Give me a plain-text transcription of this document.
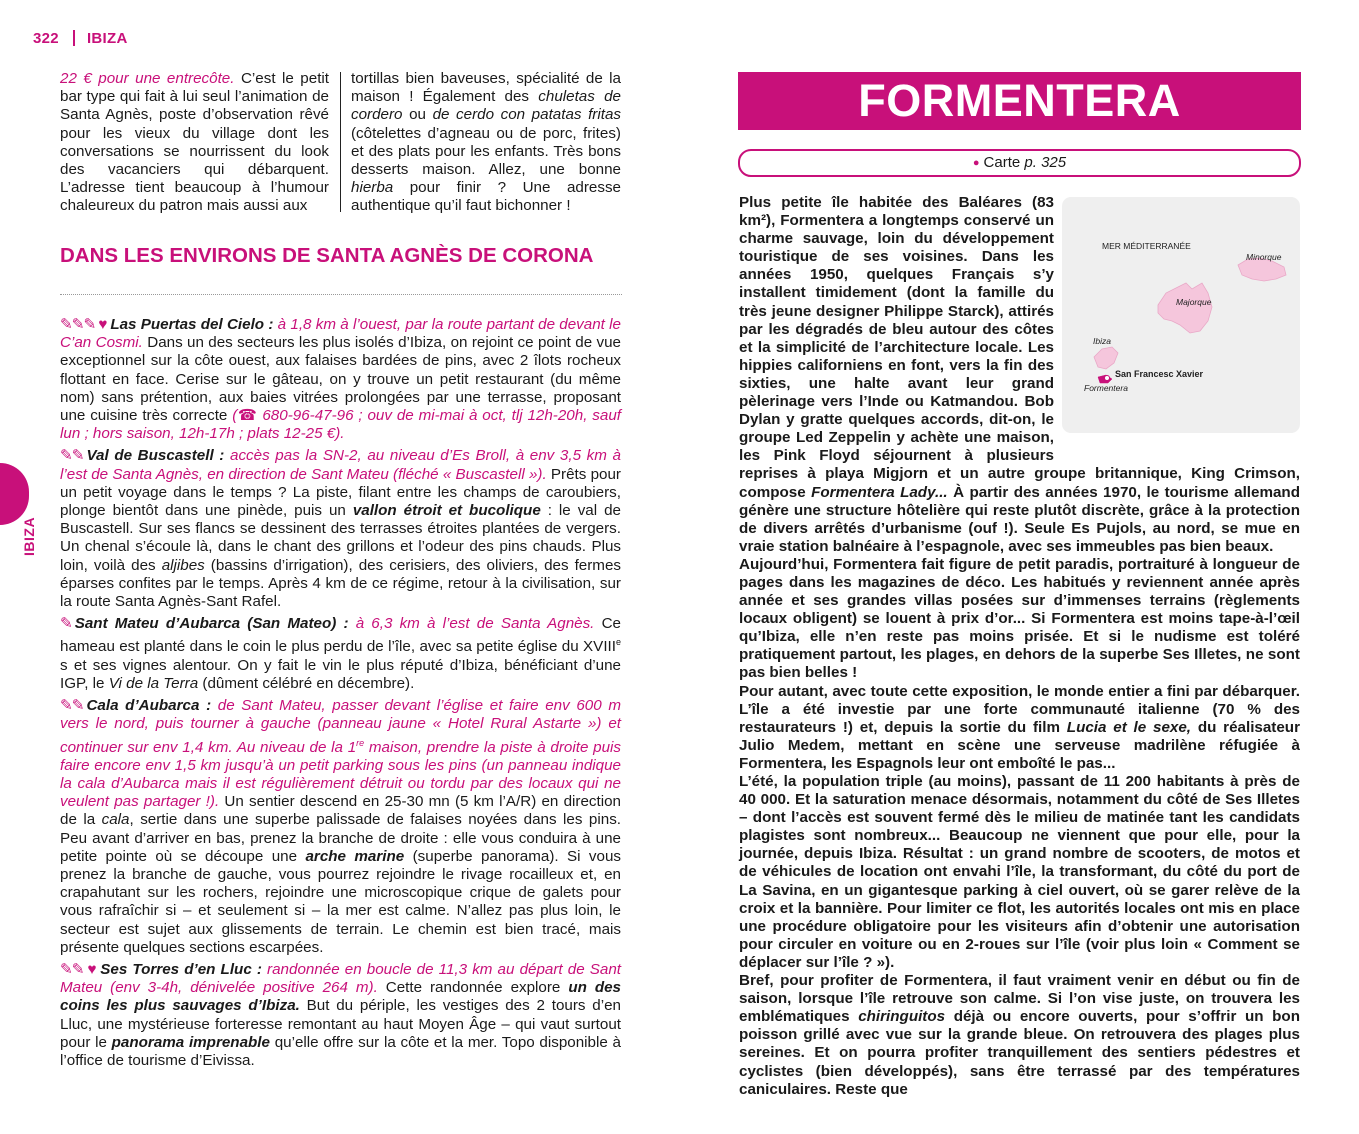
322 IBIZA
IBIZA

22 € pour une entrecôte. C’est le petit bar type qui fait à lui seul l’animation de Santa Agnès, poste d’observation rêvé pour les vieux du village dont les conversations se nourrissent du look des vacanciers qui débarquent. L’adresse tient beaucoup à l’humour chaleureux du patron mais aussi aux

tortillas bien baveuses, spécialité de la maison ! Également des chuletas de cordero ou de cerdo con patatas fritas (côtelettes d’agneau ou de porc, frites) et des plats pour les enfants. Très bons desserts maison. Allez, une bonne hierba pour finir ? Une adresse authentique qu’il faut bichonner !

DANS LES ENVIRONS DE SANTA AGNÈS DE CORONA

✎✎✎ ♥ Las Puertas del Cielo : à 1,8 km à l’ouest, par la route partant de devant le C’an Cosmi. Dans un des secteurs les plus isolés d’Ibiza, on rejoint ce point de vue exceptionnel sur la côte ouest, aux falaises bardées de pins, avec 2 îlots rocheux flottant en face. Cerise sur le gâteau, on y trouve un petit restaurant (du même nom) sans prétention, aux baies vitrées prolongées par une terrasse, proposant une cuisine très correcte (☎ 680-96-47-96 ; ouv de mi-mai à oct, tlj 12h-20h, sauf lun ; hors saison, 12h-17h ; plats 12-25 €).

✎✎ Val de Buscastell : accès pas la SN-2, au niveau d’Es Broll, à env 3,5 km à l’est de Santa Agnès, en direction de Sant Mateu (fléché « Buscastell »). Prêts pour un petit voyage dans le temps ? La piste, filant entre les champs de caroubiers, plonge bientôt dans une pinède, puis un vallon étroit et bucolique : le val de Buscastell. Sur ses flancs se dessinent des terrasses étroites plantées de vergers. Un chenal s’écoule là, dans le chant des grillons et l’odeur des pins chauds. Plus loin, voilà des aljibes (bassins d’irrigation), des cerisiers, des oliviers, des fermes éparses confites par le temps. Après 4 km de ce régime, retour à la civilisation, sur la route Santa Agnès-Sant Rafel.

✎ Sant Mateu d’Aubarca (San Mateo) : à 6,3 km à l’est de Santa Agnès. Ce hameau est planté dans le coin le plus perdu de l’île, avec sa petite église du XVIIIe s et ses vignes alentour. On y fait le vin le plus réputé d’Ibiza, bénéficiant d’une IGP, le Vi de la Terra (dûment célébré en décembre).

✎✎ Cala d’Aubarca : de Sant Mateu, passer devant l’église et faire env 600 m vers le nord, puis tourner à gauche (panneau jaune « Hotel Rural Astarte ») et continuer sur env 1,4 km. Au niveau de la 1re maison, prendre la piste à droite puis faire encore env 1,5 km jusqu’à un petit parking sous les pins (un panneau indique la cala d’Aubarca mais il est régulièrement détruit ou tordu par des locaux qui ne veulent pas partager !). Un sentier descend en 25-30 mn (5 km l’A/R) en direction de la cala, sertie dans une superbe palissade de falaises noyées dans les pins. Peu avant d’arriver en bas, prenez la branche de droite : elle vous conduira à une petite pointe où se découpe une arche marine (superbe panorama). Si vous prenez la branche de gauche, vous pourrez rejoindre le rivage rocailleux et, en crapahutant sur les rochers, rejoindre une microscopique crique de galets pour vous rafraîchir si – et seulement si – la mer est calme. N’allez pas plus loin, le secteur est sujet aux glissements de terrain. Le chemin est bien tracé, mais présente quelques sections escarpées.

✎✎ ♥ Ses Torres d’en Lluc : randonnée en boucle de 11,3 km au départ de Sant Mateu (env 3-4h, dénivelée positive 264 m). Cette randonnée explore un des coins les plus sauvages d’Ibiza. But du périple, les vestiges des 2 tours d’en Lluc, une mystérieuse forteresse remontant au haut Moyen Âge – qui vaut surtout pour le panorama imprenable qu’elle offre sur la côte et la mer. Topo disponible à l’office de tourisme d’Eivissa.

FORMENTERA
● Carte p. 325
MER MÉDITERRANÉE
Minorque
Majorque
Ibiza
San Francesc Xavier
Formentera

Plus petite île habitée des Baléares (83 km²), Formentera a longtemps conservé un charme sauvage, loin du développement touristique de ses voisines. Dans les années 1950, quelques Français s’y installent timidement (dont la famille du très jeune designer Philippe Starck), attirés par les dégradés de bleu autour des côtes et la simplicité de l’architecture locale. Les hippies californiens en font, vers la fin des sixties, une halte avant leur grand pèlerinage vers l’Inde ou Katmandou. Bob Dylan y gratte quelques accords, dit-on, le groupe Led Zeppelin y achète une maison, les Pink Floyd séjournent à plusieurs reprises à playa Migjorn et un autre groupe britannique, King Crimson, compose Formentera Lady... À partir des années 1970, le tourisme allemand génère une structure hôtelière qui reste plutôt discrète, grâce à la protection de divers arrêtés d’urbanisme (ouf !). Seule Es Pujols, au nord, se mue en vraie station balnéaire à l’espagnole, avec ses immeubles pas bien beaux.

Aujourd’hui, Formentera fait figure de petit paradis, portraituré à longueur de pages dans les magazines de déco. Les habitués y reviennent année après année et ses grandes villas posées sur d’immenses terrains (règlements locaux obligent) se louent à prix d’or... Si Formentera est moins tape-à-l’œil qu’Ibiza, elle n’en reste pas moins prisée. Et si le nudisme est toléré pratiquement partout, les plages, en dehors de la superbe Ses Illetes, ne sont pas bien belles !

Pour autant, avec toute cette exposition, le monde entier a fini par débarquer. L’île a été investie par une forte communauté italienne (70 % des restaurateurs !) et, depuis la sortie du film Lucia et le sexe, du réalisateur Julio Medem, mettant en scène une serveuse madrilène réfugiée à Formentera, les Espagnols leur ont emboîté le pas...

L’été, la population triple (au moins), passant de 11 200 habitants à près de 40 000. Et la saturation menace désormais, notamment du côté de Ses Illetes – dont l’accès est souvent fermé dès le milieu de matinée tant les candidats plagistes sont nombreux... Beaucoup ne viennent que pour elle, pour la journée, depuis Ibiza. Résultat : un grand nombre de scooters, de motos et de véhicules de location ont envahi l’île, la transformant, du côté du port de La Savina, en un gigantesque parking à ciel ouvert, où se garer relève de la croix et la bannière. Pour limiter ce flot, les autorités locales ont mis en place une procédure obligatoire pour les visiteurs afin d’obtenir une autorisation pour circuler en voiture ou en 2-roues sur l’île (voir plus loin « Comment se déplacer sur l’île ? »).

Bref, pour profiter de Formentera, il faut vraiment venir en début ou fin de saison, lorsque l’île retrouve son calme. Si l’on vise juste, on trouvera les emblématiques chiringuitos déjà ou encore ouverts, pour s’offrir un bon poisson grillé avec vue sur la grande bleue. On retrouvera des plages plus sereines. Et on pourra profiter tranquillement des sentiers pédestres et cyclistes (bien développés), sans être terrassé par des températures caniculaires. Reste que
